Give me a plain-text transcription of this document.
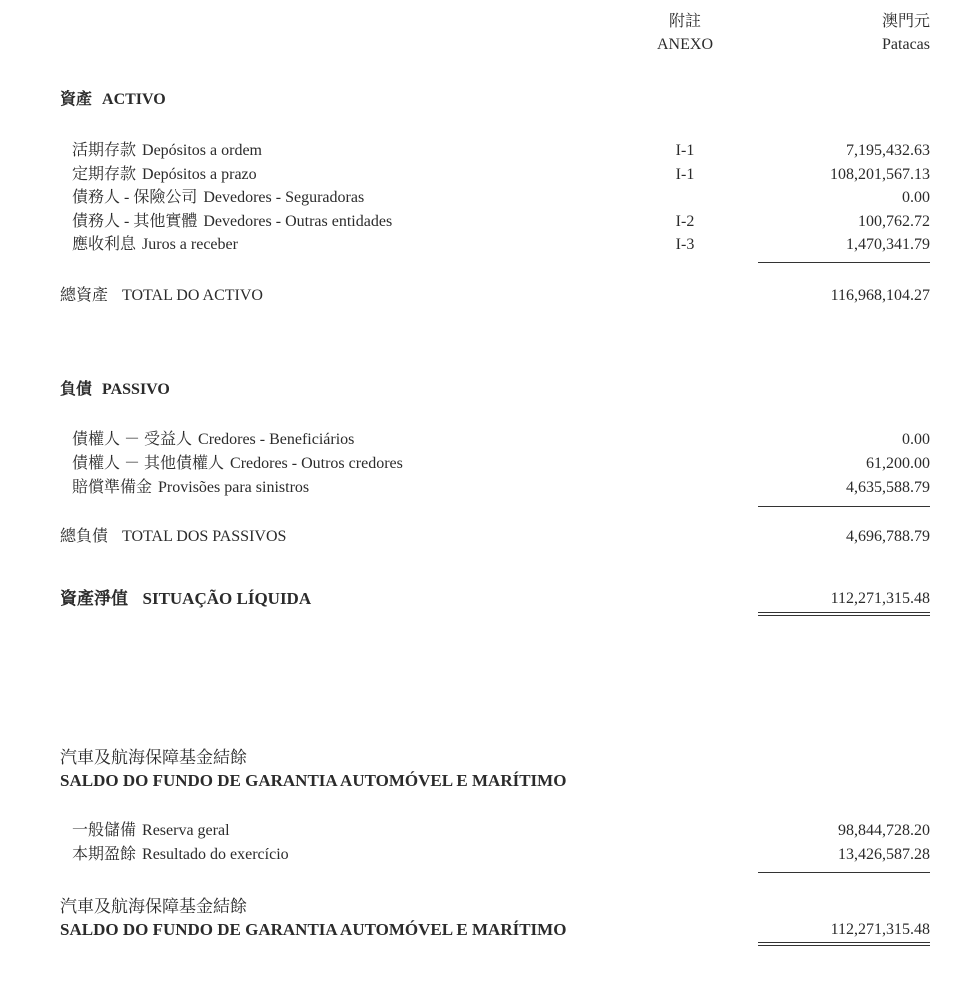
附註
ANEXO
澳門元
Patacas
資產 ACTIVO
活期存款 Depósitos a ordem	I-1	7,195,432.63
定期存款 Depósitos a prazo	I-1	108,201,567.13
債務人 - 保險公司 Devedores - Seguradoras	0.00
債務人 - 其他實體 Devedores - Outras entidades	I-2	100,762.72
應收利息 Juros a receber	I-3	1,470,341.79
總資產 TOTAL DO ACTIVO	116,968,104.27
負債 PASSIVO
債權人 － 受益人 Credores - Beneficiários	0.00
債權人 － 其他債權人 Credores - Outros credores	61,200.00
賠償準備金 Provisões para sinistros	4,635,588.79
總負債 TOTAL DOS PASSIVOS	4,696,788.79
資產淨值 SITUAÇÃO LÍQUIDA	112,271,315.48
汽車及航海保障基金結餘
SALDO DO FUNDO DE GARANTIA AUTOMÓVEL E MARÍTIMO
一般儲備 Reserva geral	98,844,728.20
本期盈餘 Resultado do exercício	13,426,587.28
汽車及航海保障基金結餘
SALDO DO FUNDO DE GARANTIA AUTOMÓVEL E MARÍTIMO	112,271,315.48
